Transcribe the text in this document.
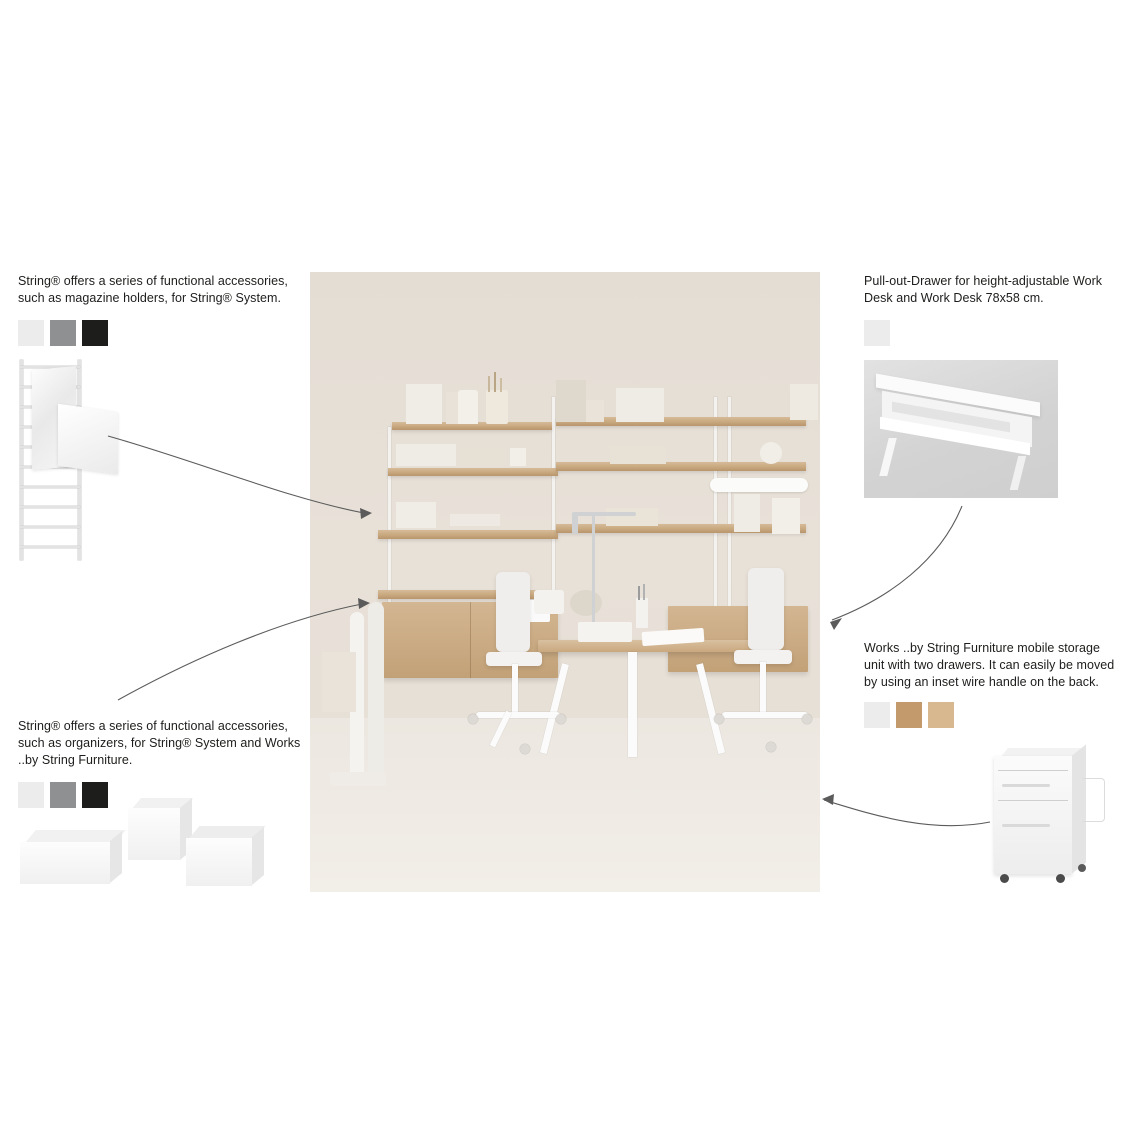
String® offers a series of functional accessories, such as magazine holders, for String® System.
String® offers a series of functional accessories, such as organizers, for String® System and Works ..by String Furniture.
Pull-out-Drawer for height-adjustable Work Desk and Work Desk 78x58 cm.
Works ..by String Furniture mobile storage unit with two drawers. It can easily be moved by using an inset wire handle on the back.
